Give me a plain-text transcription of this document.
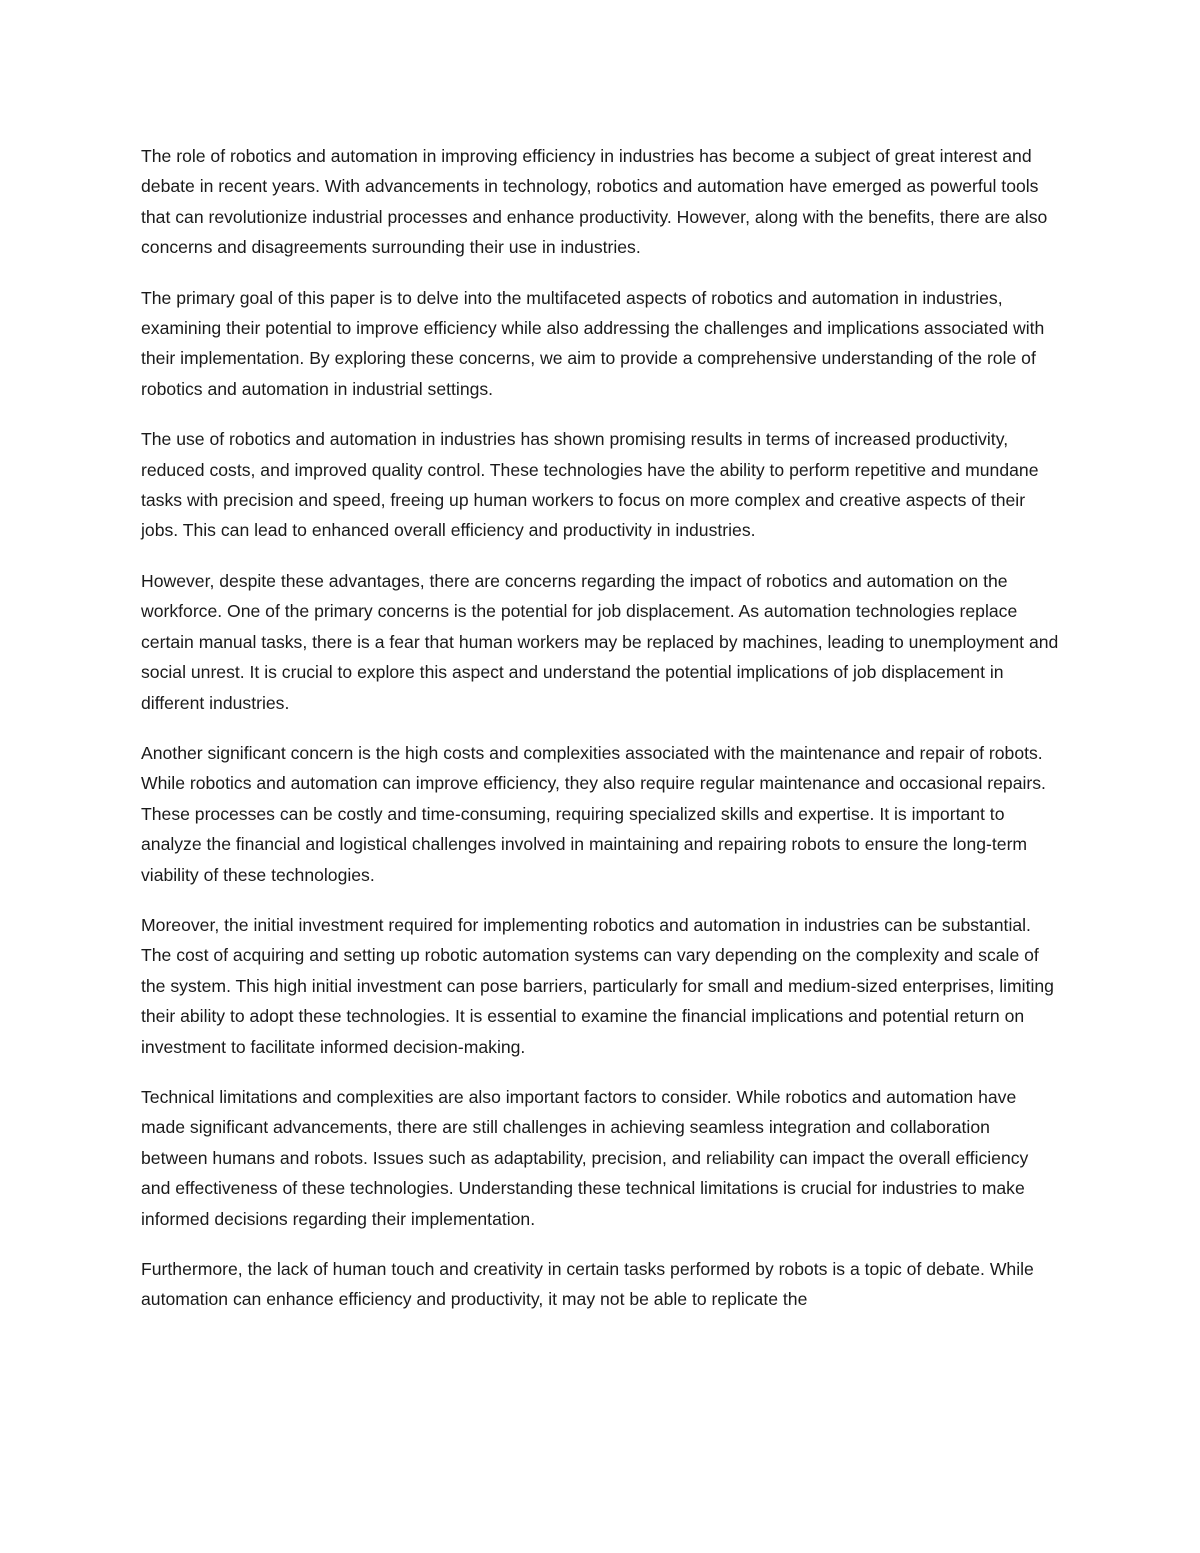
The role of robotics and automation in improving efficiency in industries has become a subject of great interest and debate in recent years. With advancements in technology, robotics and automation have emerged as powerful tools that can revolutionize industrial processes and enhance productivity. However, along with the benefits, there are also concerns and disagreements surrounding their use in industries.

The primary goal of this paper is to delve into the multifaceted aspects of robotics and automation in industries, examining their potential to improve efficiency while also addressing the challenges and implications associated with their implementation. By exploring these concerns, we aim to provide a comprehensive understanding of the role of robotics and automation in industrial settings.

The use of robotics and automation in industries has shown promising results in terms of increased productivity, reduced costs, and improved quality control. These technologies have the ability to perform repetitive and mundane tasks with precision and speed, freeing up human workers to focus on more complex and creative aspects of their jobs. This can lead to enhanced overall efficiency and productivity in industries.

However, despite these advantages, there are concerns regarding the impact of robotics and automation on the workforce. One of the primary concerns is the potential for job displacement. As automation technologies replace certain manual tasks, there is a fear that human workers may be replaced by machines, leading to unemployment and social unrest. It is crucial to explore this aspect and understand the potential implications of job displacement in different industries.

Another significant concern is the high costs and complexities associated with the maintenance and repair of robots. While robotics and automation can improve efficiency, they also require regular maintenance and occasional repairs. These processes can be costly and time-consuming, requiring specialized skills and expertise. It is important to analyze the financial and logistical challenges involved in maintaining and repairing robots to ensure the long-term viability of these technologies.

Moreover, the initial investment required for implementing robotics and automation in industries can be substantial. The cost of acquiring and setting up robotic automation systems can vary depending on the complexity and scale of the system. This high initial investment can pose barriers, particularly for small and medium-sized enterprises, limiting their ability to adopt these technologies. It is essential to examine the financial implications and potential return on investment to facilitate informed decision-making.

Technical limitations and complexities are also important factors to consider. While robotics and automation have made significant advancements, there are still challenges in achieving seamless integration and collaboration between humans and robots. Issues such as adaptability, precision, and reliability can impact the overall efficiency and effectiveness of these technologies. Understanding these technical limitations is crucial for industries to make informed decisions regarding their implementation.

Furthermore, the lack of human touch and creativity in certain tasks performed by robots is a topic of debate. While automation can enhance efficiency and productivity, it may not be able to replicate the
